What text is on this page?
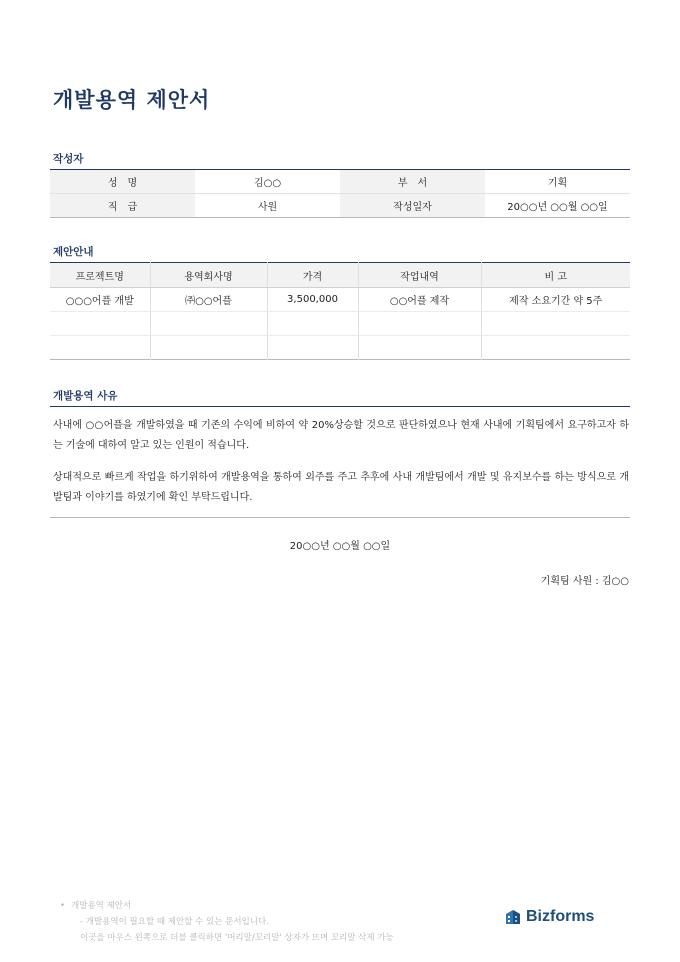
개발용역 제안서
작성자
성　명	김○○	부　서	기획
직　급	사원	작성일자	20○○년 ○○월 ○○일
제안안내
프로젝트명	용역회사명	가격	작업내역	비 고
○○○어플 개발	㈜○○어플	3,500,000	○○어플 제작	제작 소요기간 약 5주

개발용역 사유

사내에 ○○어플을 개발하였을 때 기존의 수익에 비하여 약 20%상승할 것으로 판단하였으나 현재 사내에 기획팀에서 요구하고자 하는 기술에 대하여 알고 있는 인원이 적습니다.

상대적으로 빠르게 작업을 하기위하여 개발용역을 통하여 외주를 주고 추후에 사내 개발팀에서 개발 및 유지보수를 하는 방식으로 개발팀과 이야기를 하였기에 확인 부탁드립니다.

20○○년 ○○월 ○○일
기획팀 사원 : 김○○
• 개발용역 제안서
- 개발용역이 필요할 때 제안할 수 있는 문서입니다.
이곳을 마우스 왼쪽으로 더블 클릭하면 '머리말/꼬리말' 상자가 뜨며 꼬리말 삭제 가능
Bizforms
